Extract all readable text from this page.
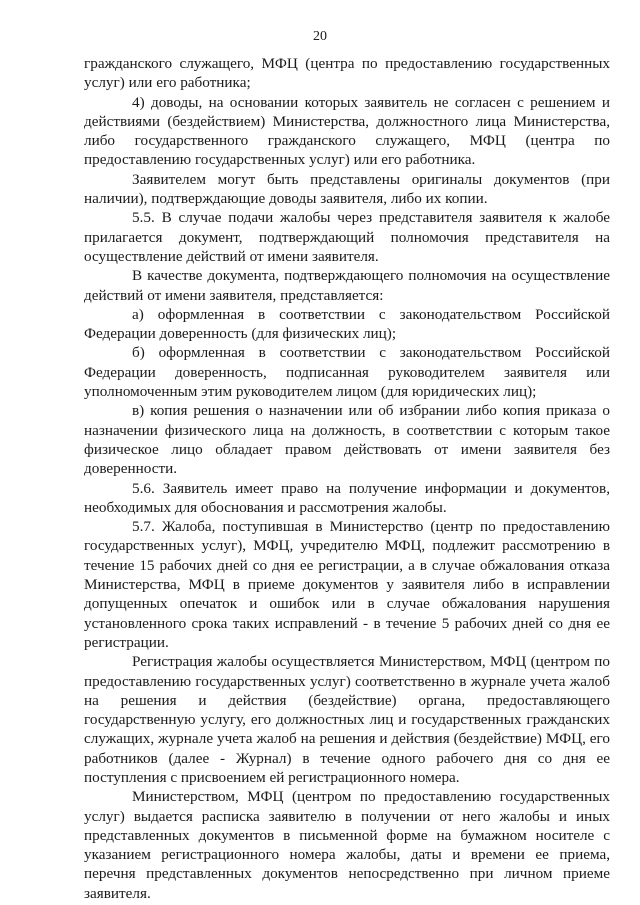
20

гражданского служащего, МФЦ (центра по предоставлению государственных услуг) или его работника;

4) доводы, на основании которых заявитель не согласен с решением и действиями (бездействием) Министерства, должностного лица Министерства, либо государственного гражданского служащего, МФЦ (центра по предоставлению государственных услуг) или его работника.

Заявителем могут быть представлены оригиналы документов (при наличии), подтверждающие доводы заявителя, либо их копии.

5.5. В случае подачи жалобы через представителя заявителя к жалобе прилагается документ, подтверждающий полномочия представителя на осуществление действий от имени заявителя.

В качестве документа, подтверждающего полномочия на осуществление действий от имени заявителя, представляется:

а) оформленная в соответствии с законодательством Российской Федерации доверенность (для физических лиц);

б) оформленная в соответствии с законодательством Российской Федерации доверенность, подписанная руководителем заявителя или уполномоченным этим руководителем лицом (для юридических лиц);

в) копия решения о назначении или об избрании либо копия приказа о назначении физического лица на должность, в соответствии с которым такое физическое лицо обладает правом действовать от имени заявителя без доверенности.

5.6. Заявитель имеет право на получение информации и документов, необходимых для обоснования и рассмотрения жалобы.

5.7. Жалоба, поступившая в Министерство (центр по предоставлению государственных услуг), МФЦ, учредителю МФЦ, подлежит рассмотрению в течение 15 рабочих дней со дня ее регистрации, а в случае обжалования отказа Министерства, МФЦ в приеме документов у заявителя либо в исправлении допущенных опечаток и ошибок или в случае обжалования нарушения установленного срока таких исправлений - в течение 5 рабочих дней со дня ее регистрации.

Регистрация жалобы осуществляется Министерством, МФЦ (центром по предоставлению государственных услуг) соответственно в журнале учета жалоб на решения и действия (бездействие) органа, предоставляющего государственную услугу, его должностных лиц и государственных гражданских служащих, журнале учета жалоб на решения и действия (бездействие) МФЦ, его работников (далее - Журнал) в течение одного рабочего дня со дня ее поступления с присвоением ей регистрационного номера.

Министерством, МФЦ (центром по предоставлению государственных услуг) выдается расписка заявителю в получении от него жалобы и иных представленных документов в письменной форме на бумажном носителе с указанием регистрационного номера жалобы, даты и времени ее приема, перечня представленных документов непосредственно при личном приеме заявителя.
